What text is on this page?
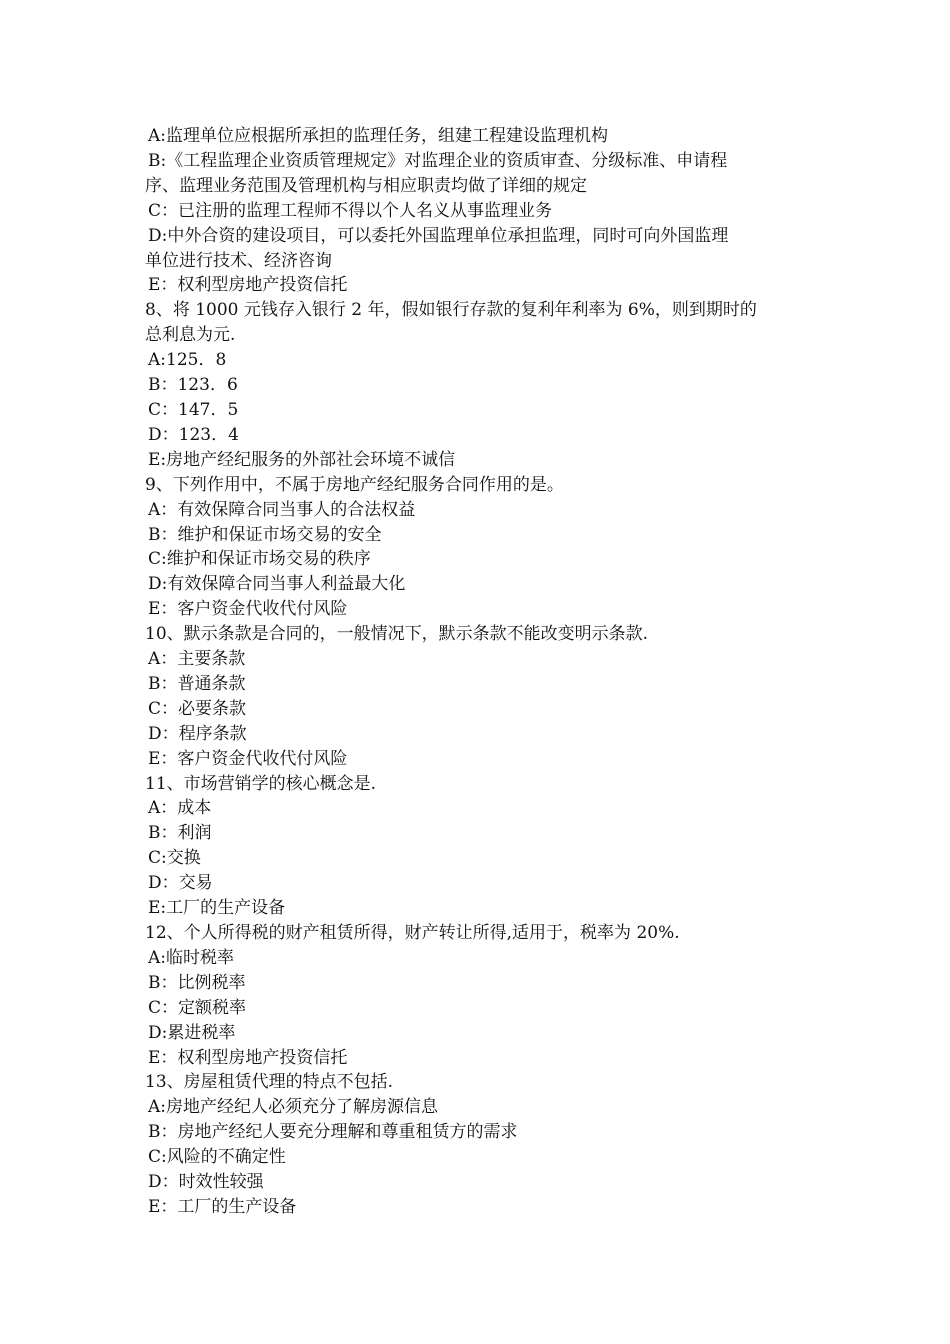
A:监理单位应根据所承担的监理任务，组建工程建设监理机构
B:《工程监理企业资质管理规定》对监理企业的资质审查、分级标准、申请程
序、监理业务范围及管理机构与相应职责均做了详细的规定
C：已注册的监理工程师不得以个人名义从事监理业务
D:中外合资的建设项目，可以委托外国监理单位承担监理，同时可向外国监理
单位进行技术、经济咨询
E：权利型房地产投资信托
8、将 1000 元钱存入银行 2 年，假如银行存款的复利年利率为 6%，则到期时的
总利息为元.
A:125．8
B：123．6
C：147．5
D：123．4
E:房地产经纪服务的外部社会环境不诚信
9、下列作用中，不属于房地产经纪服务合同作用的是。
A：有效保障合同当事人的合法权益
B：维护和保证市场交易的安全
C:维护和保证市场交易的秩序
D:有效保障合同当事人利益最大化
E：客户资金代收代付风险
10、默示条款是合同的，一般情况下，默示条款不能改变明示条款.
A：主要条款
B：普通条款
C：必要条款
D：程序条款
E：客户资金代收代付风险
11、市场营销学的核心概念是.
A：成本
B：利润
C:交换
D：交易
E:工厂的生产设备
12、个人所得税的财产租赁所得，财产转让所得,适用于，税率为 20%.
A:临时税率
B：比例税率
C：定额税率
D:累进税率
E：权利型房地产投资信托
13、房屋租赁代理的特点不包括.
A:房地产经纪人必须充分了解房源信息
B：房地产经纪人要充分理解和尊重租赁方的需求
C:风险的不确定性
D：时效性较强
E：工厂的生产设备
